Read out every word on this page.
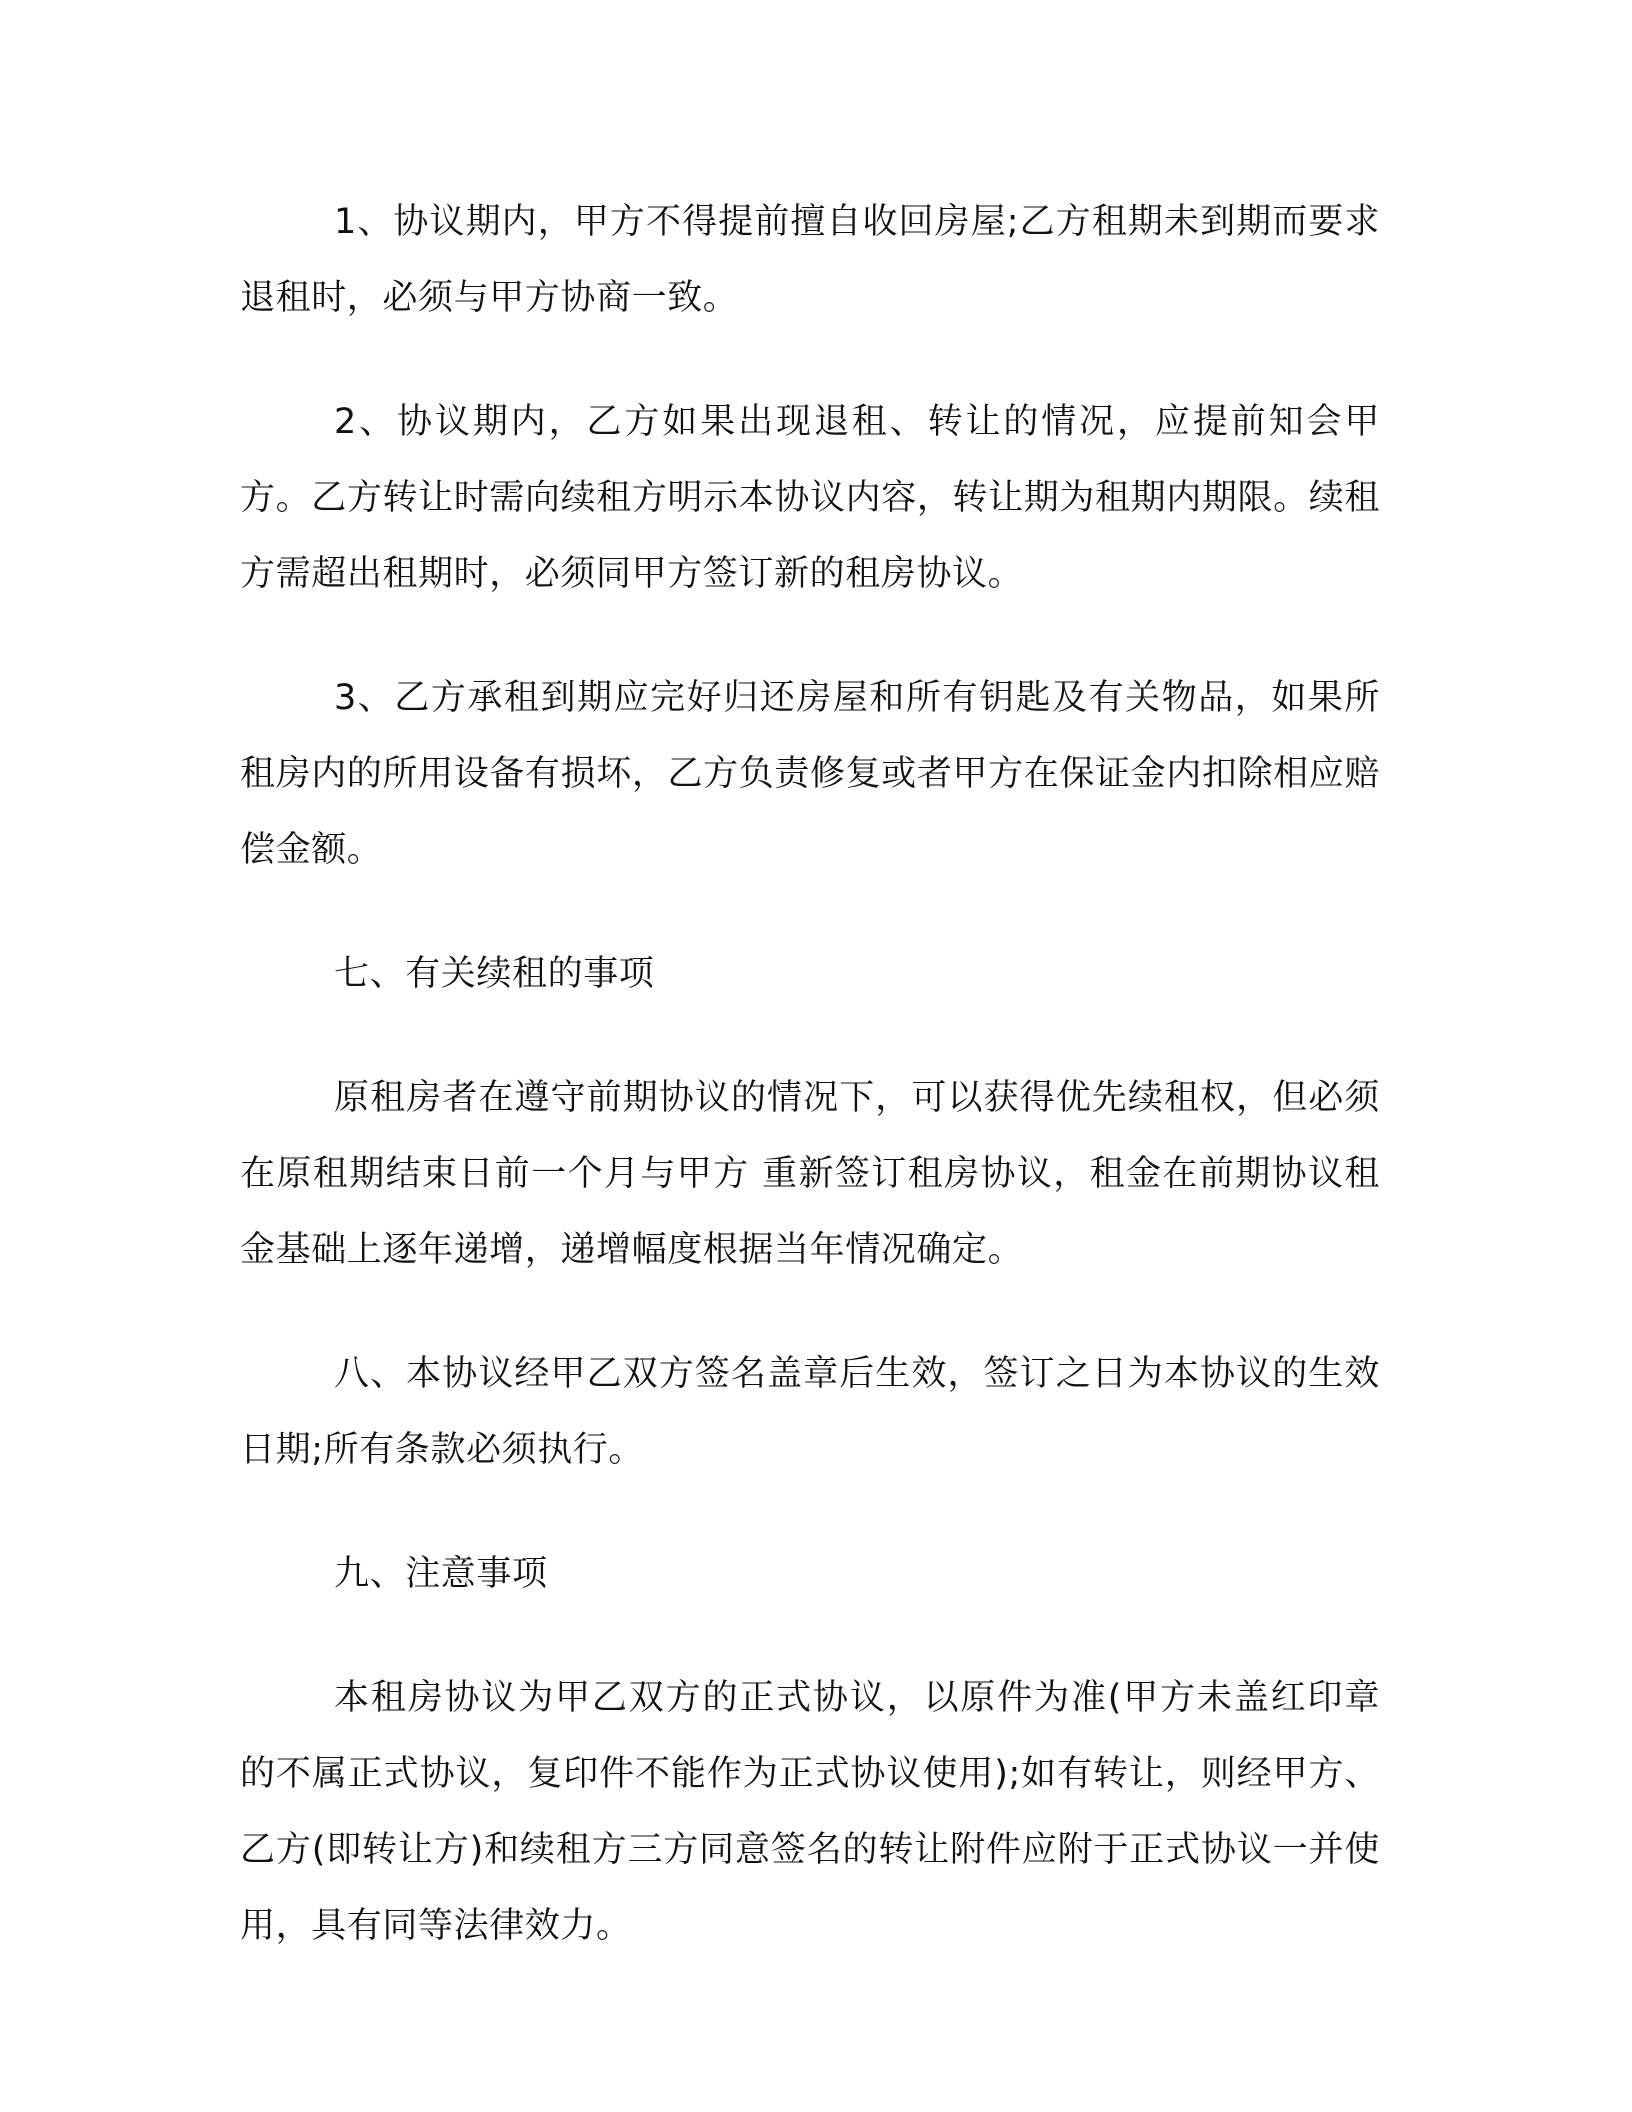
1、协议期内，甲方不得提前擅自收回房屋;乙方租期未到期而要求退租时，必须与甲方协商一致。

2、协议期内，乙方如果出现退租、转让的情况，应提前知会甲方。乙方转让时需向续租方明示本协议内容，转让期为租期内期限。续租方需超出租期时，必须同甲方签订新的租房协议。

3、乙方承租到期应完好归还房屋和所有钥匙及有关物品，如果所租房内的所用设备有损坏，乙方负责修复或者甲方在保证金内扣除相应赔偿金额。

七、有关续租的事项

原租房者在遵守前期协议的情况下，可以获得优先续租权，但必须在原租期结束日前一个月与甲方 重新签订租房协议，租金在前期协议租金基础上逐年递增，递增幅度根据当年情况确定。

八、本协议经甲乙双方签名盖章后生效，签订之日为本协议的生效日期;所有条款必须执行。

九、注意事项

本租房协议为甲乙双方的正式协议，以原件为准(甲方未盖红印章的不属正式协议，复印件不能作为正式协议使用);如有转让，则经甲方、乙方(即转让方)和续租方三方同意签名的转让附件应附于正式协议一并使用，具有同等法律效力。
